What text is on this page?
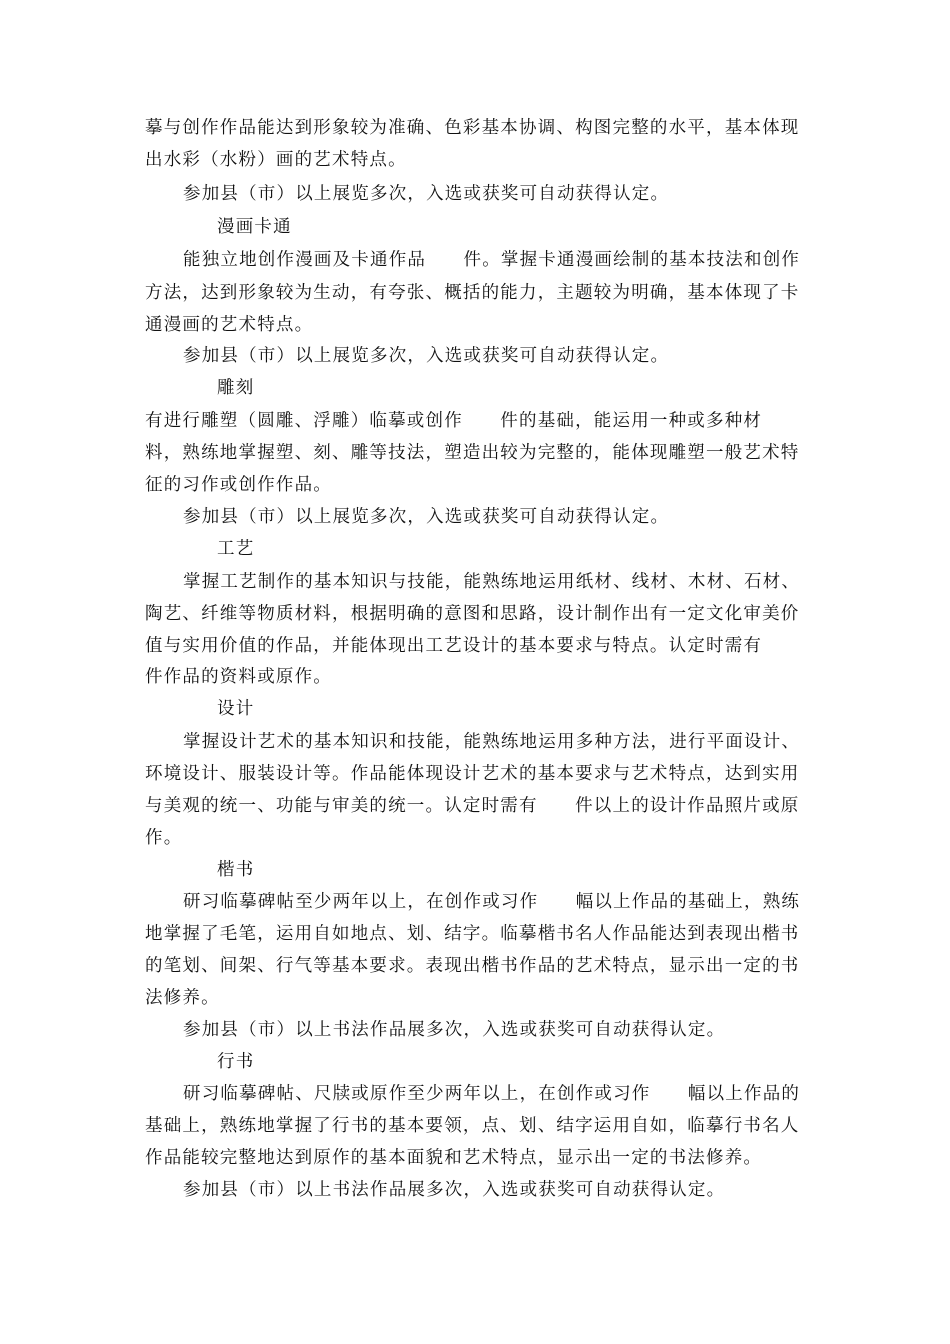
摹与创作作品能达到形象较为准确、色彩基本协调、构图完整的水平，基本体现
出水彩（水粉）画的艺术特点。
参加县（市）以上展览多次，入选或获奖可自动获得认定。
漫画卡通
能独立地创作漫画及卡通作品　　件。掌握卡通漫画绘制的基本技法和创作
方法，达到形象较为生动，有夸张、概括的能力，主题较为明确，基本体现了卡
通漫画的艺术特点。
参加县（市）以上展览多次，入选或获奖可自动获得认定。
雕刻
有进行雕塑（圆雕、浮雕）临摹或创作　　件的基础，能运用一种或多种材
料，熟练地掌握塑、刻、雕等技法，塑造出较为完整的，能体现雕塑一般艺术特
征的习作或创作作品。
参加县（市）以上展览多次，入选或获奖可自动获得认定。
工艺
掌握工艺制作的基本知识与技能，能熟练地运用纸材、线材、木材、石材、
陶艺、纤维等物质材料，根据明确的意图和思路，设计制作出有一定文化审美价
值与实用价值的作品，并能体现出工艺设计的基本要求与特点。认定时需有
件作品的资料或原作。
设计
掌握设计艺术的基本知识和技能，能熟练地运用多种方法，进行平面设计、
环境设计、服装设计等。作品能体现设计艺术的基本要求与艺术特点，达到实用
与美观的统一、功能与审美的统一。认定时需有　　件以上的设计作品照片或原
作。
楷书
研习临摹碑帖至少两年以上，在创作或习作　　幅以上作品的基础上，熟练
地掌握了毛笔，运用自如地点、划、结字。临摹楷书名人作品能达到表现出楷书
的笔划、间架、行气等基本要求。表现出楷书作品的艺术特点，显示出一定的书
法修养。
参加县（市）以上书法作品展多次，入选或获奖可自动获得认定。
行书
研习临摹碑帖、尺牍或原作至少两年以上，在创作或习作　　幅以上作品的
基础上，熟练地掌握了行书的基本要领，点、划、结字运用自如，临摹行书名人
作品能较完整地达到原作的基本面貌和艺术特点，显示出一定的书法修养。
参加县（市）以上书法作品展多次，入选或获奖可自动获得认定。
